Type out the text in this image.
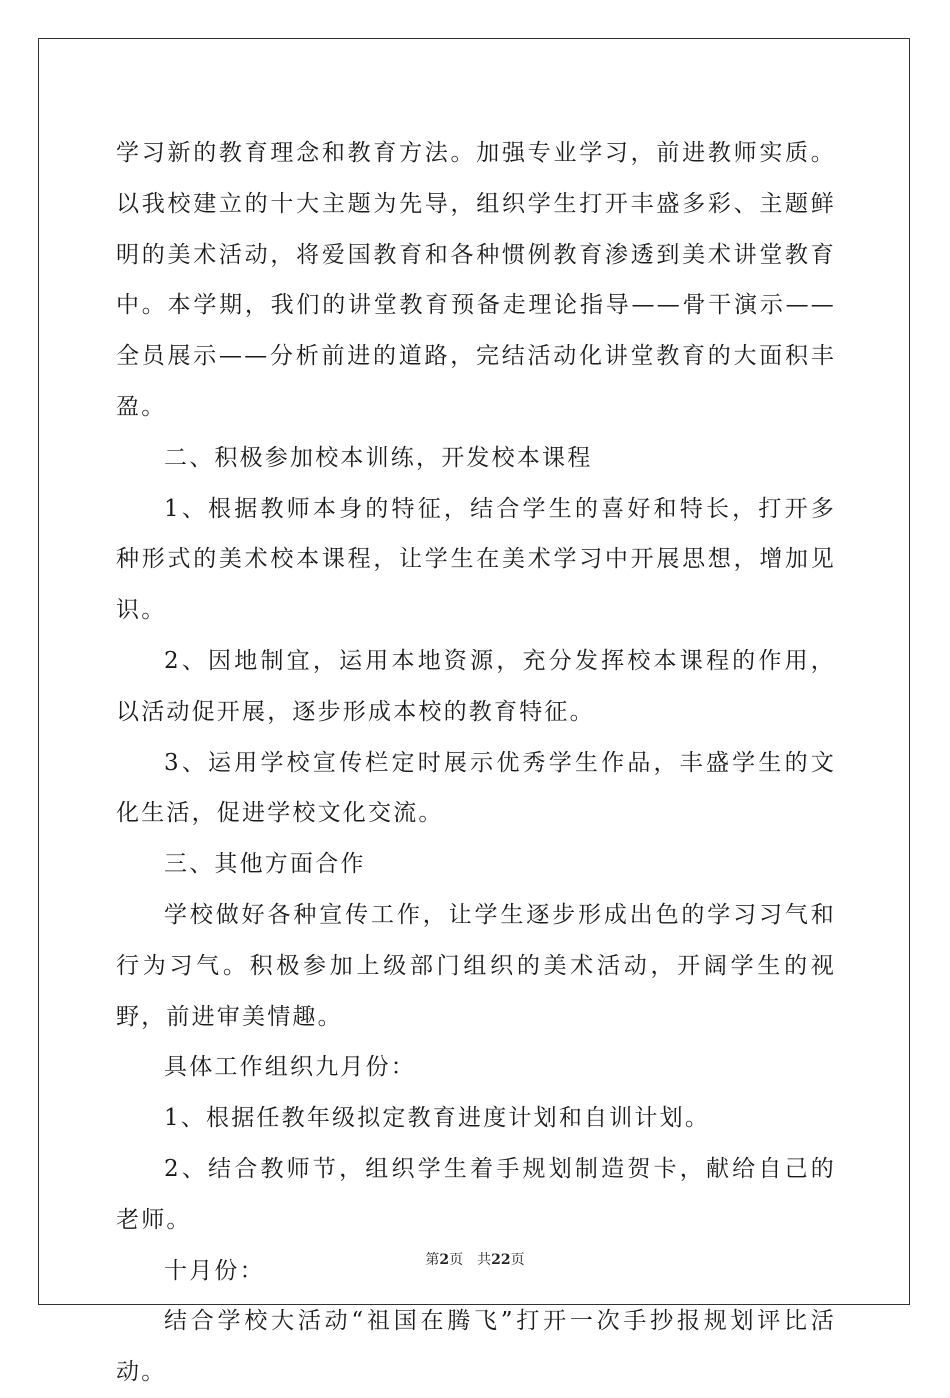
学习新的教育理念和教育方法。加强专业学习，前进教师实质。以我校建立的十大主题为先导，组织学生打开丰盛多彩、主题鲜明的美术活动，将爱国教育和各种惯例教育渗透到美术讲堂教育中。本学期，我们的讲堂教育预备走理论指导——骨干演示——全员展示——分析前进的道路，完结活动化讲堂教育的大面积丰盈。

二、积极参加校本训练，开发校本课程

1、根据教师本身的特征，结合学生的喜好和特长，打开多种形式的美术校本课程，让学生在美术学习中开展思想，增加见识。

2、因地制宜，运用本地资源，充分发挥校本课程的作用，以活动促开展，逐步形成本校的教育特征。

3、运用学校宣传栏定时展示优秀学生作品，丰盛学生的文化生活，促进学校文化交流。

三、其他方面合作

学校做好各种宣传工作，让学生逐步形成出色的学习习气和行为习气。积极参加上级部门组织的美术活动，开阔学生的视野，前进审美情趣。

具体工作组织九月份：

1、根据任教年级拟定教育进度计划和自训计划。

2、结合教师节，组织学生着手规划制造贺卡，献给自己的老师。

十月份：

结合学校大活动“祖国在腾飞”打开一次手抄报规划评比活动。

第2页 共22页
